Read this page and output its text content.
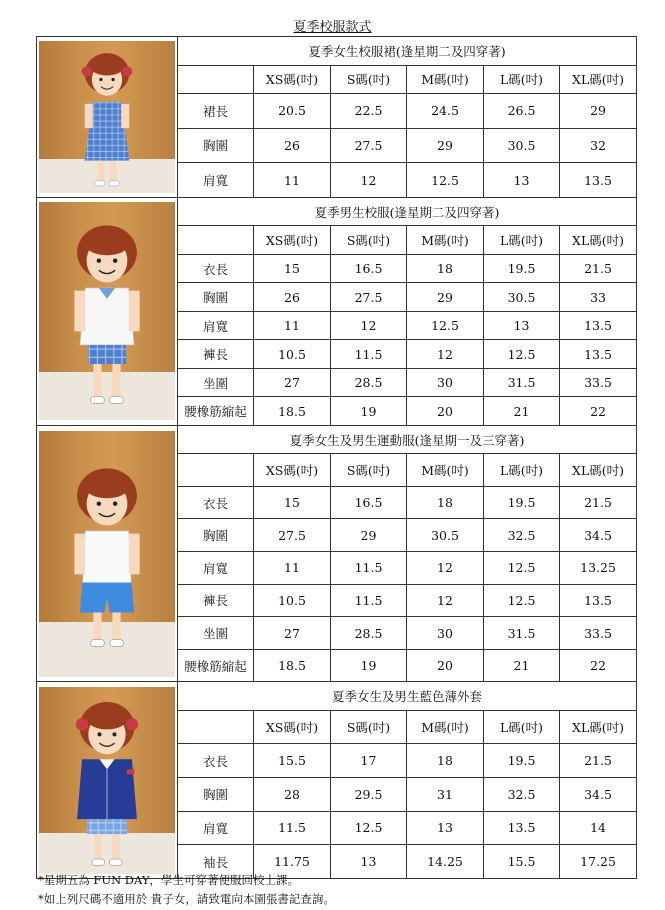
夏季校服款式
	夏季女生校服裙(逢星期二及四穿著)					
		XS碼(吋)	S碼(吋)	M碼(吋)	L碼(吋)	XL碼(吋)
	裙長	20.5	22.5	24.5	26.5	29
	胸圍	26	27.5	29	30.5	32
	肩寬	11	12	12.5	13	13.5

	夏季男生校服(逢星期二及四穿著)					
		XS碼(吋)	S碼(吋)	M碼(吋)	L碼(吋)	XL碼(吋)
	衣長	15	16.5	18	19.5	21.5
	胸圍	26	27.5	29	30.5	33
	肩寬	11	12	12.5	13	13.5
	褲長	10.5	11.5	12	12.5	13.5
	坐圍	27	28.5	30	31.5	33.5
	腰橡筋縮起	18.5	19	20	21	22

	夏季女生及男生運動服(逢星期一及三穿著)					
		XS碼(吋)	S碼(吋)	M碼(吋)	L碼(吋)	XL碼(吋)
	衣長	15	16.5	18	19.5	21.5
	胸圍	27.5	29	30.5	32.5	34.5
	肩寬	11	11.5	12	12.5	13.25
	褲長	10.5	11.5	12	12.5	13.5
	坐圍	27	28.5	30	31.5	33.5
	腰橡筋縮起	18.5	19	20	21	22

	夏季女生及男生藍色薄外套					
		XS碼(吋)	S碼(吋)	M碼(吋)	L碼(吋)	XL碼(吋)
	衣長	15.5	17	18	19.5	21.5
	胸圍	28	29.5	31	32.5	34.5
	肩寬	11.5	12.5	13	13.5	14
	袖長	11.75	13	14.25	15.5	17.25
*星期五為 FUN DAY，學生可穿著便服回校上課。
*如上列尺碼不適用於 貴子女，請致電向本園張書記查詢。
